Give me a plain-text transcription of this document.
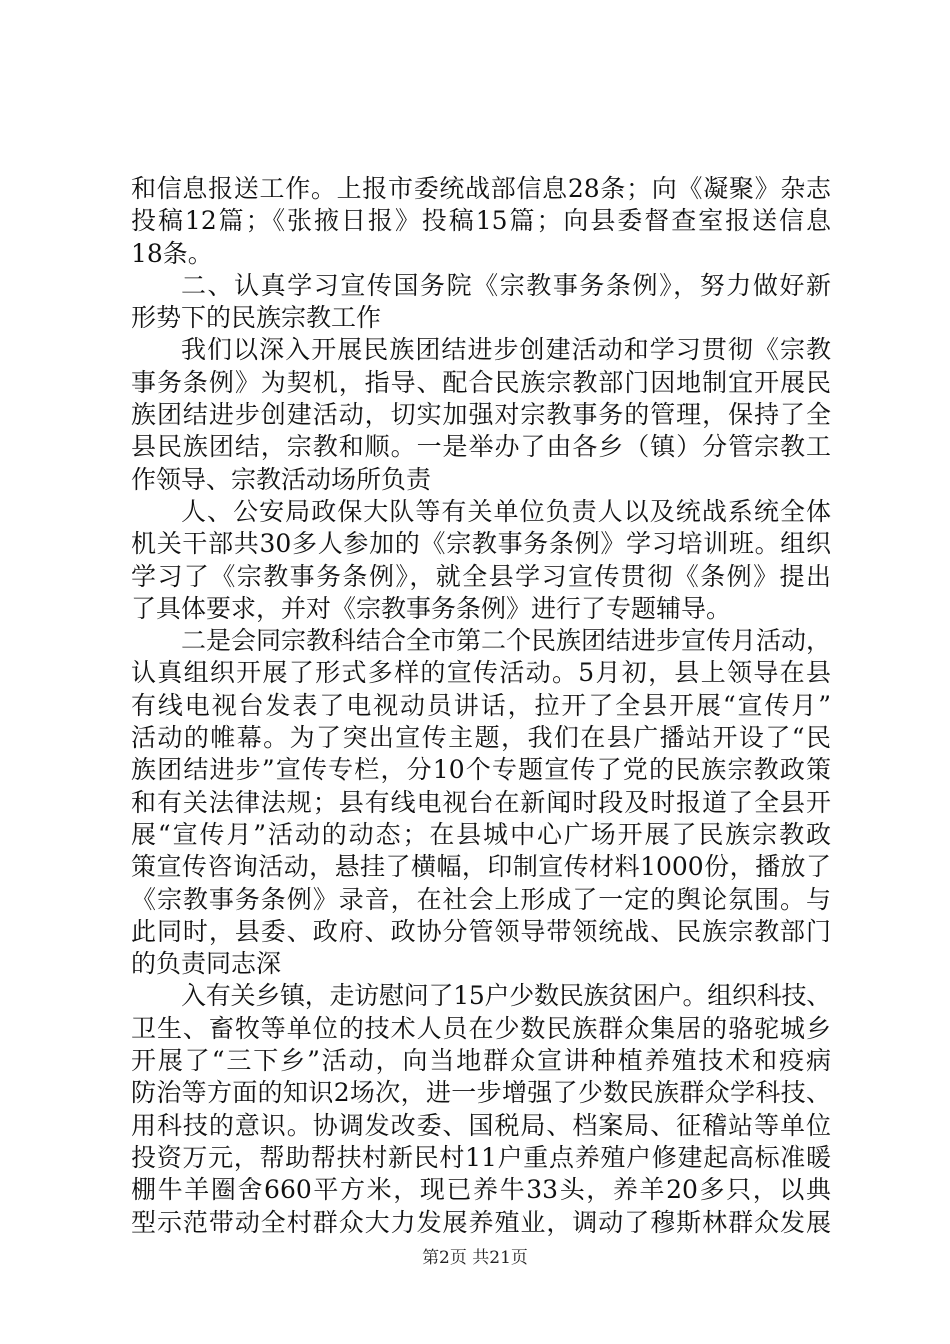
和信息报送工作。上报市委统战部信息28条；向《凝聚》杂志
投稿12篇；《张掖日报》投稿15篇；向县委督查室报送信息
18条。
二、认真学习宣传国务院《宗教事务条例》，努力做好新
形势下的民族宗教工作
我们以深入开展民族团结进步创建活动和学习贯彻《宗教
事务条例》为契机，指导、配合民族宗教部门因地制宜开展民
族团结进步创建活动，切实加强对宗教事务的管理，保持了全
县民族团结，宗教和顺。一是举办了由各乡（镇）分管宗教工
作领导、宗教活动场所负责
人、公安局政保大队等有关单位负责人以及统战系统全体
机关干部共30多人参加的《宗教事务条例》学习培训班。组织
学习了《宗教事务条例》，就全县学习宣传贯彻《条例》提出
了具体要求，并对《宗教事务条例》进行了专题辅导。
二是会同宗教科结合全市第二个民族团结进步宣传月活动，
认真组织开展了形式多样的宣传活动。5月初，县上领导在县
有线电视台发表了电视动员讲话，拉开了全县开展“宣传月”
活动的帷幕。为了突出宣传主题，我们在县广播站开设了“民
族团结进步”宣传专栏，分10个专题宣传了党的民族宗教政策
和有关法律法规；县有线电视台在新闻时段及时报道了全县开
展“宣传月”活动的动态；在县城中心广场开展了民族宗教政
策宣传咨询活动，悬挂了横幅，印制宣传材料1000份，播放了
《宗教事务条例》录音，在社会上形成了一定的舆论氛围。与
此同时，县委、政府、政协分管领导带领统战、民族宗教部门
的负责同志深
入有关乡镇，走访慰问了15户少数民族贫困户。组织科技、
卫生、畜牧等单位的技术人员在少数民族群众集居的骆驼城乡
开展了“三下乡”活动，向当地群众宣讲种植养殖技术和疫病
防治等方面的知识2场次，进一步增强了少数民族群众学科技、
用科技的意识。协调发改委、国税局、档案局、征稽站等单位
投资万元，帮助帮扶村新民村11户重点养殖户修建起高标准暖
棚牛羊圈舍660平方米，现已养牛33头，养羊20多只，以典
型示范带动全村群众大力发展养殖业，调动了穆斯林群众发展
第2页 共21页
